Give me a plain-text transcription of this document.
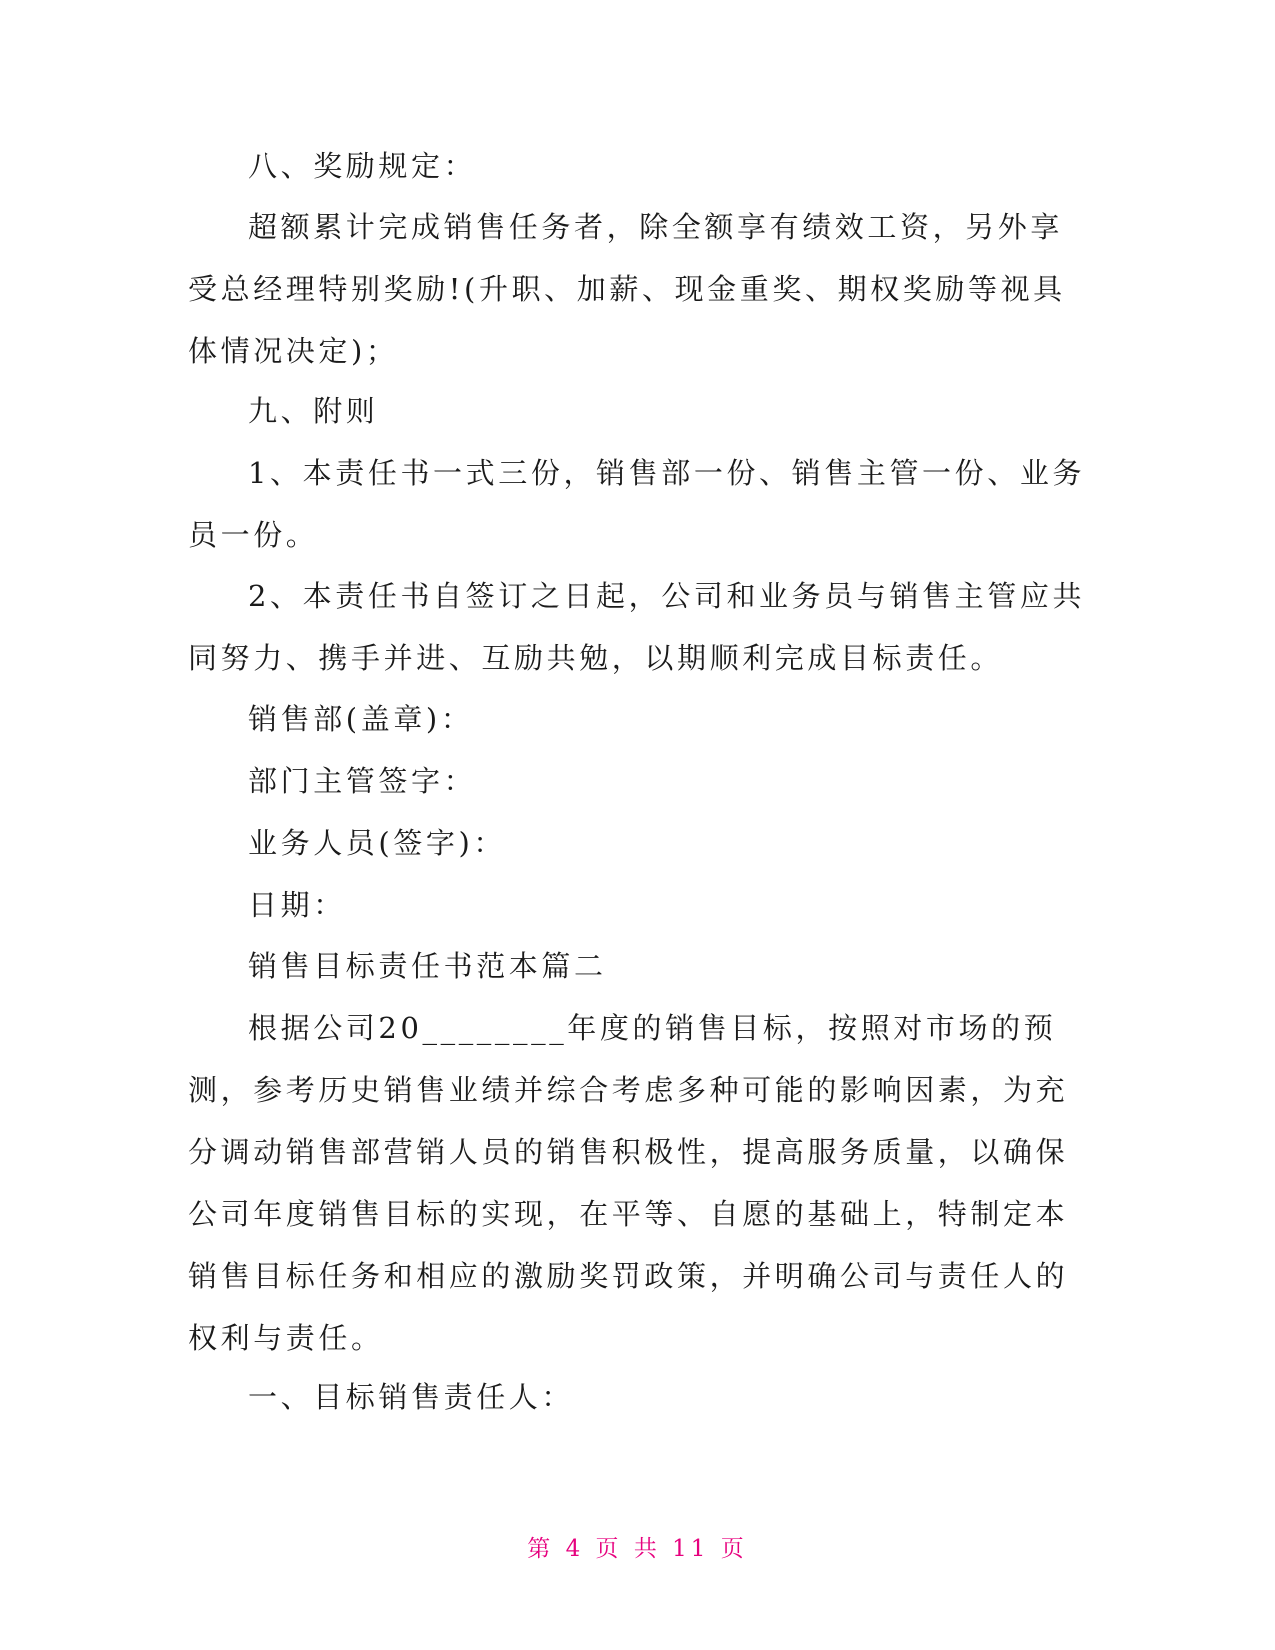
八、奖励规定：

超额累计完成销售任务者，除全额享有绩效工资，另外享受总经理特别奖励!(升职、加薪、现金重奖、期权奖励等视具体情况决定)；

九、附则

1、本责任书一式三份，销售部一份、销售主管一份、业务员一份。

2、本责任书自签订之日起，公司和业务员与销售主管应共同努力、携手并进、互励共勉，以期顺利完成目标责任。

销售部(盖章)：

部门主管签字：

业务人员(签字)：

日期：

销售目标责任书范本篇二

根据公司20________年度的销售目标，按照对市场的预测，参考历史销售业绩并综合考虑多种可能的影响因素，为充分调动销售部营销人员的销售积极性，提高服务质量，以确保公司年度销售目标的实现，在平等、自愿的基础上，特制定本销售目标任务和相应的激励奖罚政策，并明确公司与责任人的权利与责任。

一、目标销售责任人：

第 4 页 共 11 页
